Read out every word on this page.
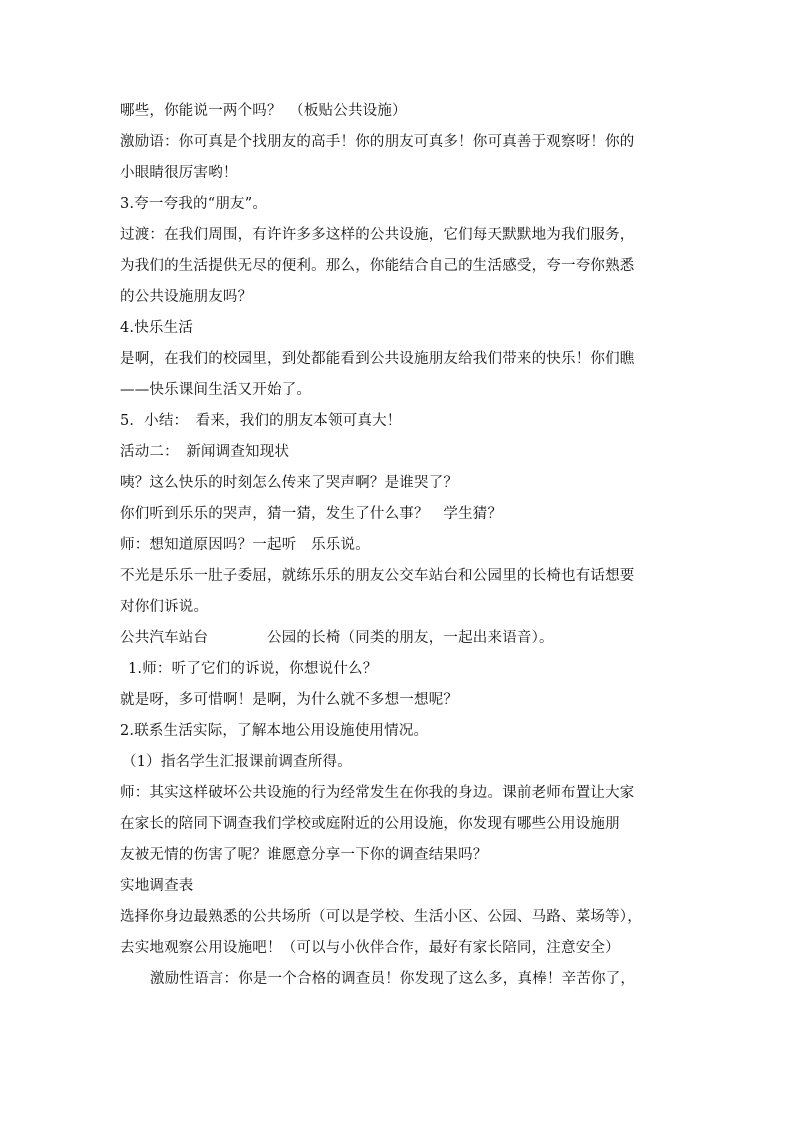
哪些，你能说一两个吗？　（板贴公共设施）
激励语：你可真是个找朋友的高手！你的朋友可真多！你可真善于观察呀！你的
小眼睛很厉害哟！
3.夸一夸我的“朋友”。
过渡：在我们周围，有许许多多这样的公共设施，它们每天默默地为我们服务，
为我们的生活提供无尽的便利。那么，你能结合自己的生活感受，夸一夸你熟悉
的公共设施朋友吗？
4.快乐生活
是啊，在我们的校园里，到处都能看到公共设施朋友给我们带来的快乐！你们瞧
——快乐课间生活又开始了。
5．小结：　看来，我们的朋友本领可真大！
活动二：　新闻调查知现状
咦？这么快乐的时刻怎么传来了哭声啊？是谁哭了？
你们听到乐乐的哭声，猜一猜，发生了什么事？　学生猜？
师：想知道原因吗？一起听　乐乐说。
不光是乐乐一肚子委屈，就练乐乐的朋友公交车站台和公园里的长椅也有话想要
对你们诉说。
公共汽车站台　　　　公园的长椅（同类的朋友，一起出来语音）。
1.师：听了它们的诉说，你想说什么？
就是呀，多可惜啊！是啊，为什么就不多想一想呢？
2.联系生活实际，了解本地公用设施使用情况。
（1）指名学生汇报课前调查所得。
师：其实这样破坏公共设施的行为经常发生在你我的身边。课前老师布置让大家
在家长的陪同下调查我们学校或庭附近的公用设施，你发现有哪些公用设施朋
友被无情的伤害了呢？谁愿意分享一下你的调查结果吗？
实地调查表
选择你身边最熟悉的公共场所（可以是学校、生活小区、公园、马路、菜场等），
去实地观察公用设施吧！（可以与小伙伴合作，最好有家长陪同，注意安全）
激励性语言：你是一个合格的调查员！你发现了这么多，真棒！辛苦你了，
